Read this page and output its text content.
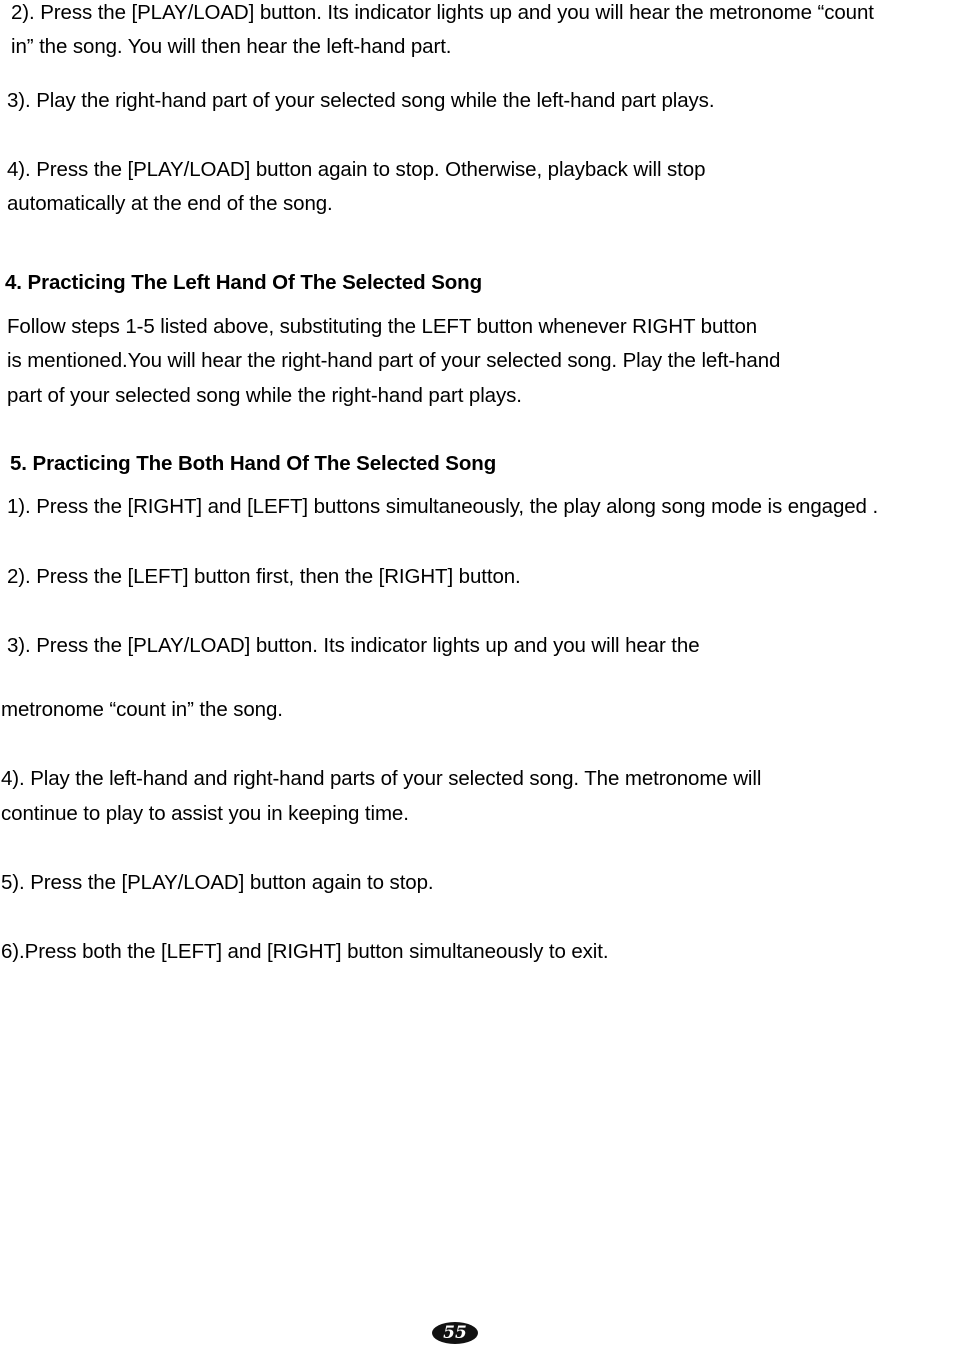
2). Press the [PLAY/LOAD] button. Its indicator lights up and you will hear the metronome “count
in” the song. You will then hear the left-hand part.
3). Play the right-hand part of your selected song while the left-hand part plays.
4). Press the [PLAY/LOAD] button again to stop. Otherwise, playback will stop
automatically at the end of the song.
4. Practicing The Left Hand Of The Selected Song
Follow steps 1-5 listed above, substituting the LEFT button whenever RIGHT button
is mentioned.You will hear the right-hand part of your selected song. Play the left-hand
part of your selected song while the right-hand part plays.
5. Practicing The Both Hand Of The Selected Song
1). Press the [RIGHT] and [LEFT] buttons simultaneously, the play along song mode is engaged .
2). Press the [LEFT] button first, then the [RIGHT] button.
3). Press the [PLAY/LOAD] button. Its indicator lights up and you will hear the
metronome “count in” the song.
4). Play the left-hand and right-hand parts of your selected song. The metronome will
continue to play to assist you in keeping time.
5). Press the [PLAY/LOAD] button again to stop.
6).Press both the [LEFT] and [RIGHT] button simultaneously to exit.
55
